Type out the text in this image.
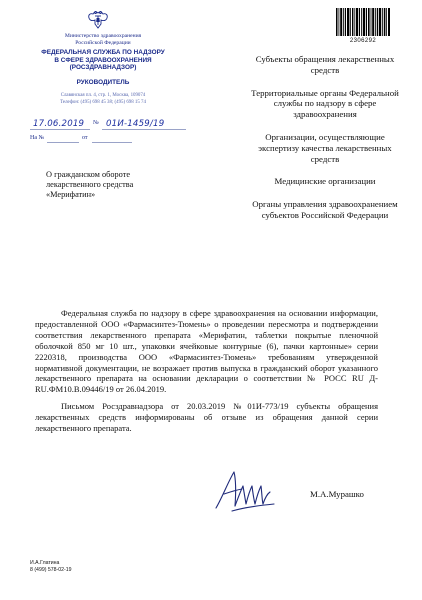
Министерство здравоохранения
Российской Федерации
ФЕДЕРАЛЬНАЯ СЛУЖБА ПО НАДЗОРУ
В СФЕРЕ ЗДРАВООХРАНЕНИЯ
(РОСЗДРАВНАДЗОР)
РУКОВОДИТЕЛЬ
Славянская пл. 4, стр. 1, Москва, 109074
Телефон: (495) 698 45 38; (495) 698 15 74
17.06.2019 № 01И-1459/19
На №	от
О гражданском обороте
лекарственного средства
«Мерифатин»
2306292
Субъекты обращения лекарственных средств
Территориальные органы Федеральной службы по надзору в сфере здравоохранения
Организации, осуществляющие экспертизу качества лекарственных средств
Медицинские организации
Органы управления здравоохранением субъектов Российской Федерации

Федеральная служба по надзору в сфере здравоохранения на основании информации, предоставленной ООО «Фармасинтез-Тюмень» о проведении пересмотра и подтверждении соответствия лекарственного препарата «Мерифатин, таблетки покрытые пленочной оболочкой 850 мг 10 шт., упаковки ячейковые контурные (6), пачки картонные» серии 2220318, производства ООО «Фармасинтез-Тюмень» требованиям утвержденной нормативной документации, не возражает против выпуска в гражданский оборот указанного лекарственного препарата на основании декларации о соответствии № РОСС RU Д-RU.ФМ10.В.09446/19 от 26.04.2019.

Письмом Росздравнадзора от 20.03.2019 №01И-773/19 субъекты обращения лекарственных средств информированы об отзыве из обращения данной серии лекарственного препарата.

М.А.Мурашко
И.А.Глатина
8 (499) 578-02-19
